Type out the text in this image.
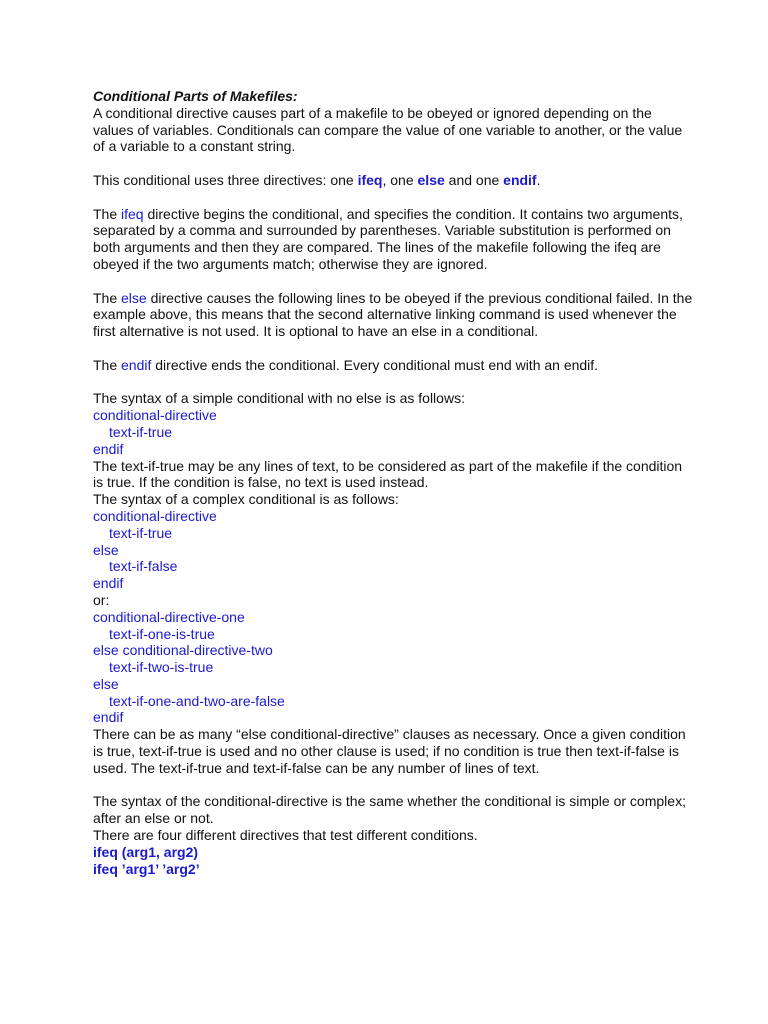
Conditional Parts of Makefiles:

A conditional directive causes part of a makefile to be obeyed or ignored depending on the values of variables. Conditionals can compare the value of one variable to another, or the value of a variable to a constant string.

This conditional uses three directives: one ifeq, one else and one endif.

The ifeq directive begins the conditional, and specifies the condition. It contains two arguments, separated by a comma and surrounded by parentheses. Variable substitution is performed on both arguments and then they are compared. The lines of the makefile following the ifeq are obeyed if the two arguments match; otherwise they are ignored.

The else directive causes the following lines to be obeyed if the previous conditional failed. In the example above, this means that the second alternative linking command is used whenever the first alternative is not used. It is optional to have an else in a conditional.

The endif directive ends the conditional. Every conditional must end with an endif.

The syntax of a simple conditional with no else is as follows:

conditional-directive
text-if-true
endif

The text-if-true may be any lines of text, to be considered as part of the makefile if the condition is true. If the condition is false, no text is used instead.

The syntax of a complex conditional is as follows:

conditional-directive
text-if-true
else
text-if-false
endif

or:

conditional-directive-one
text-if-one-is-true
else conditional-directive-two
text-if-two-is-true
else
text-if-one-and-two-are-false
endif

There can be as many “else conditional-directive” clauses as necessary. Once a given condition is true, text-if-true is used and no other clause is used; if no condition is true then text-if-false is used. The text-if-true and text-if-false can be any number of lines of text.

The syntax of the conditional-directive is the same whether the conditional is simple or complex; after an else or not.

There are four different directives that test different conditions.

ifeq (arg1, arg2)
ifeq ’arg1’ ’arg2’
